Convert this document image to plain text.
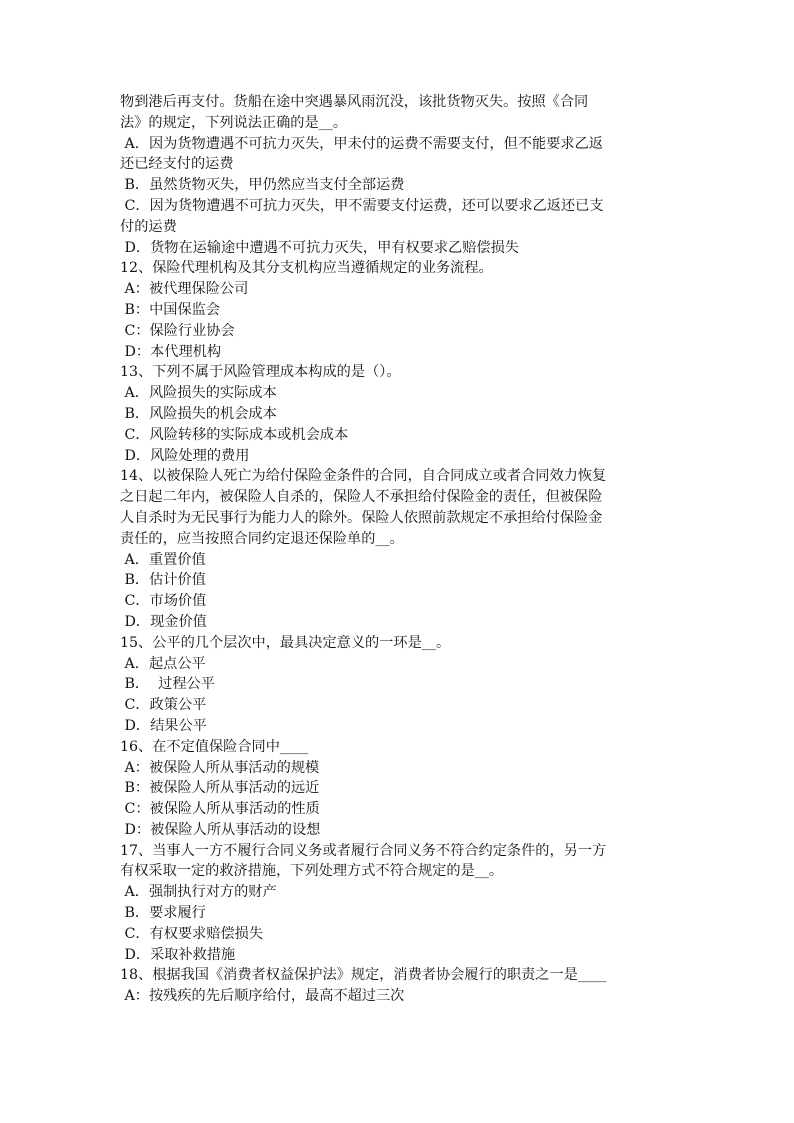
物到港后再支付。货船在途中突遇暴风雨沉没，该批货物灭失。按照《合同
法》的规定，下列说法正确的是__。
A．因为货物遭遇不可抗力灭失，甲未付的运费不需要支付，但不能要求乙返
还已经支付的运费
B．虽然货物灭失，甲仍然应当支付全部运费
C．因为货物遭遇不可抗力灭失，甲不需要支付运费，还可以要求乙返还已支
付的运费
D．货物在运输途中遭遇不可抗力灭失，甲有权要求乙赔偿损失
12、保险代理机构及其分支机构应当遵循规定的业务流程。
A：被代理保险公司
B：中国保监会
C：保险行业协会
D：本代理机构
13、下列不属于风险管理成本构成的是（）。
A．风险损失的实际成本
B．风险损失的机会成本
C．风险转移的实际成本或机会成本
D．风险处理的费用
14、以被保险人死亡为给付保险金条件的合同，自合同成立或者合同效力恢复
之日起二年内，被保险人自杀的，保险人不承担给付保险金的责任，但被保险
人自杀时为无民事行为能力人的除外。保险人依照前款规定不承担给付保险金
责任的，应当按照合同约定退还保险单的__。
A．重置价值
B．估计价值
C．市场价值
D．现金价值
15、公平的几个层次中，最具决定意义的一环是__。
A．起点公平
B．  过程公平
C．政策公平
D．结果公平
16、在不定值保险合同中____
A：被保险人所从事活动的规模
B：被保险人所从事活动的远近
C：被保险人所从事活动的性质
D：被保险人所从事活动的设想
17、当事人一方不履行合同义务或者履行合同义务不符合约定条件的，另一方
有权采取一定的救济措施，下列处理方式不符合规定的是__。
A．强制执行对方的财产
B．要求履行
C．有权要求赔偿损失
D．采取补救措施
18、根据我国《消费者权益保护法》规定，消费者协会履行的职责之一是____
A：按残疾的先后顺序给付，最高不超过三次
